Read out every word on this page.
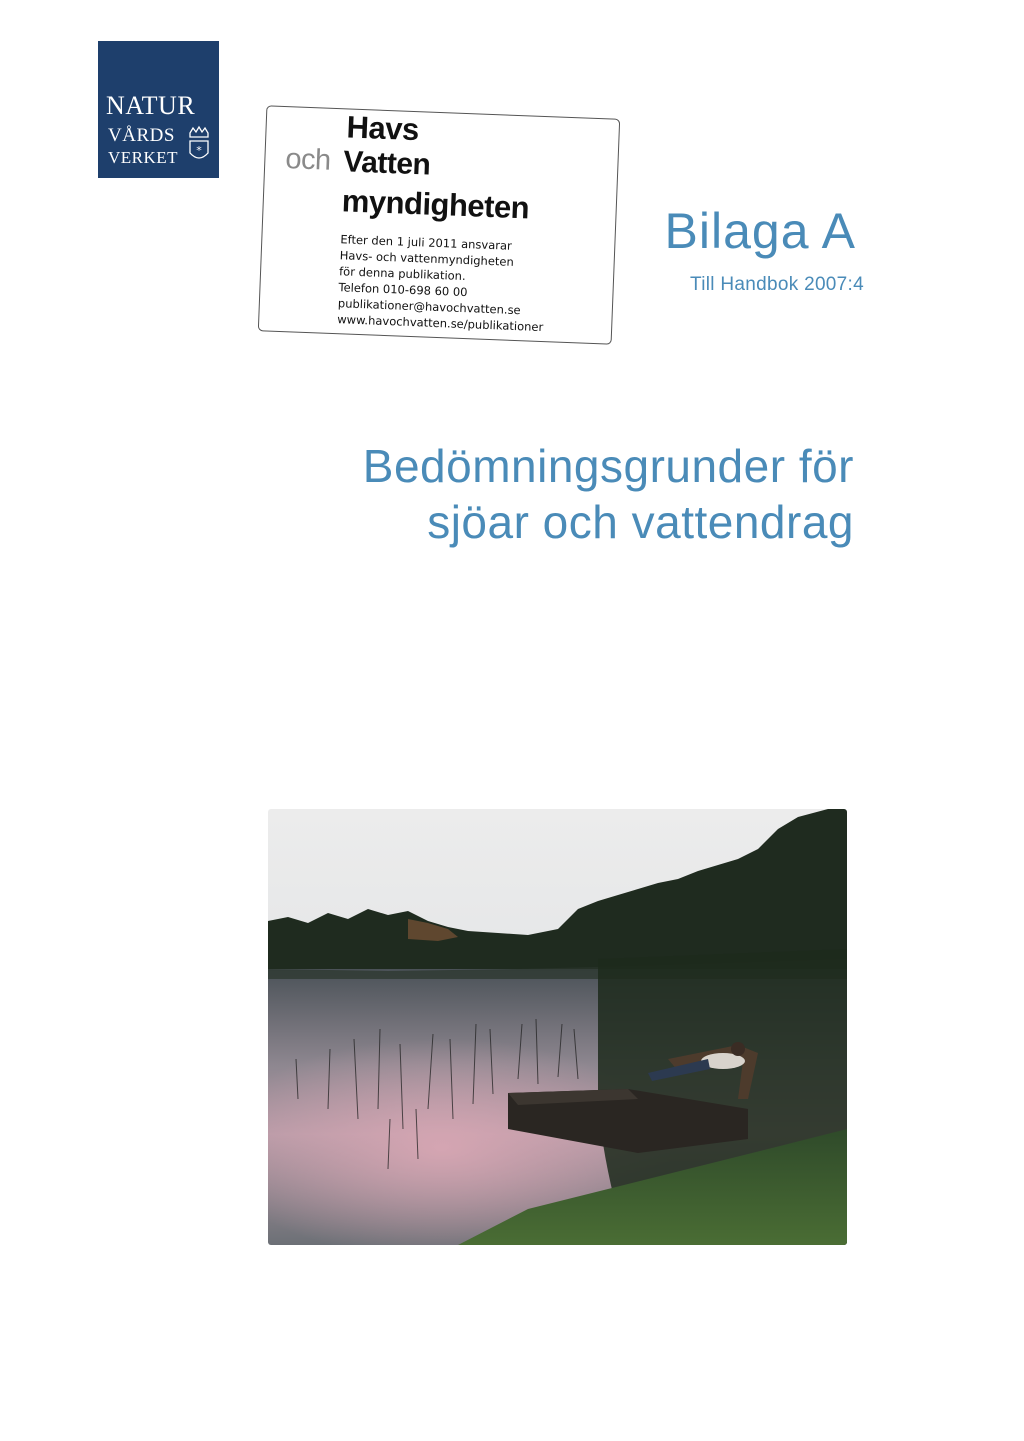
NATUR
VÅRDS
VERKET *
Havs
och Vatten
myndigheten
Efter den 1 juli 2011 ansvarar
Havs- och vattenmyndigheten
för denna publikation.
Telefon 010-698 60 00
publikationer@havochvatten.se
www.havochvatten.se/publikationer
Bilaga A
Till Handbok 2007:4
Bedömningsgrunder för
sjöar och vattendrag
